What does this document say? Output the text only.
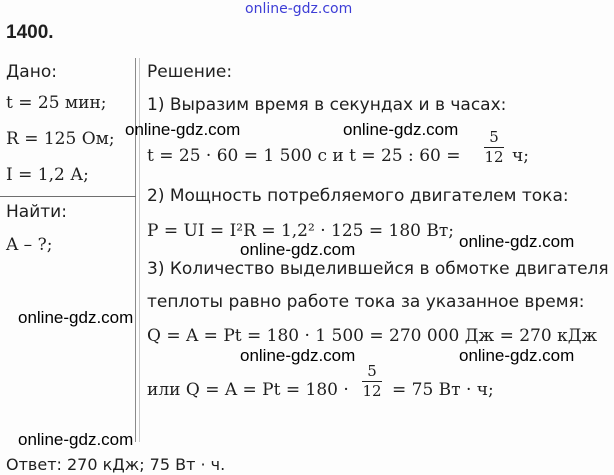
online-gdz.com
1400.
Дано:
t = 25 мин;
R = 125 Ом;
I = 1,2 А;
Найти:
A – ?;
Решение:
1) Выразим время в секундах и в часах:
t = 25 · 60 = 1 500 с и t = 25 : 60 =
5
12 ч;
2) Мощность потребляемого двигателем тока:
P = UI = I²R = 1,2² · 125 = 180 Вт;
3) Количество выделившейся в обмотке двигателя
теплоты равно работе тока за указанное время:
Q = A = Pt = 180 · 1 500 = 270 000 Дж = 270 кДж
или Q = A = Pt = 180 ·
5
12 = 75 Вт · ч;
Ответ: 270 кДж; 75 Вт · ч.
online-gdz.com	online-gdz.com
online-gdz.com	online-gdz.com
online-gdz.com
online-gdz.com	online-gdz.com
online-gdz.com
